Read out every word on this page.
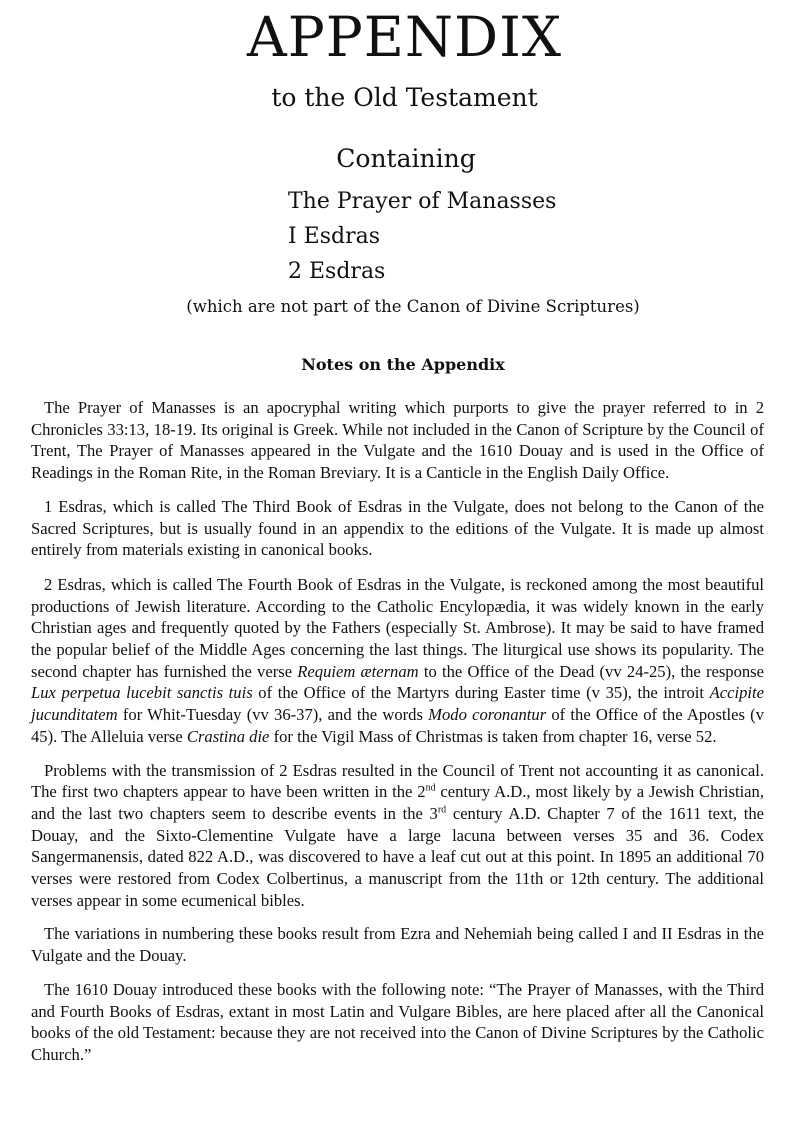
APPENDIX
to the Old Testament
Containing
The Prayer of Manasses
I Esdras
2 Esdras
(which are not part of the Canon of Divine Scriptures)
Notes on the Appendix

The Prayer of Manasses is an apocryphal writing which purports to give the prayer referred to in 2 Chronicles 33:13, 18-19. Its original is Greek. While not included in the Canon of Scripture by the Council of Trent, The Prayer of Manasses appeared in the Vulgate and the 1610 Douay and is used in the Office of Readings in the Roman Rite, in the Roman Breviary. It is a Canticle in the English Daily Office.

1 Esdras, which is called The Third Book of Esdras in the Vulgate, does not belong to the Canon of the Sacred Scriptures, but is usually found in an appendix to the editions of the Vulgate. It is made up almost entirely from materials existing in canonical books.

2 Esdras, which is called The Fourth Book of Esdras in the Vulgate, is reckoned among the most beautiful productions of Jewish literature. According to the Catholic Encylopædia, it was widely known in the early Christian ages and frequently quoted by the Fathers (especially St. Ambrose). It may be said to have framed the popular belief of the Middle Ages concerning the last things. The liturgical use shows its popularity. The second chapter has furnished the verse Requiem æternam to the Office of the Dead (vv 24-25), the response Lux perpetua lucebit sanctis tuis of the Office of the Martyrs during Easter time (v 35), the introit Accipite jucunditatem for Whit-Tuesday (vv 36-37), and the words Modo coronantur of the Office of the Apostles (v 45). The Alleluia verse Crastina die for the Vigil Mass of Christmas is taken from chapter 16, verse 52.

Problems with the transmission of 2 Esdras resulted in the Council of Trent not accounting it as canonical. The first two chapters appear to have been written in the 2nd century A.D., most likely by a Jewish Christian, and the last two chapters seem to describe events in the 3rd century A.D. Chapter 7 of the 1611 text, the Douay, and the Sixto-Clementine Vulgate have a large lacuna between verses 35 and 36. Codex Sangermanensis, dated 822 A.D., was discovered to have a leaf cut out at this point. In 1895 an additional 70 verses were restored from Codex Colbertinus, a manuscript from the 11th or 12th century. The additional verses appear in some ecumenical bibles.

The variations in numbering these books result from Ezra and Nehemiah being called I and II Esdras in the Vulgate and the Douay.

The 1610 Douay introduced these books with the following note: “The Prayer of Manasses, with the Third and Fourth Books of Esdras, extant in most Latin and Vulgare Bibles, are here placed after all the Canonical books of the old Testament: because they are not received into the Canon of Divine Scriptures by the Catholic Church.”
